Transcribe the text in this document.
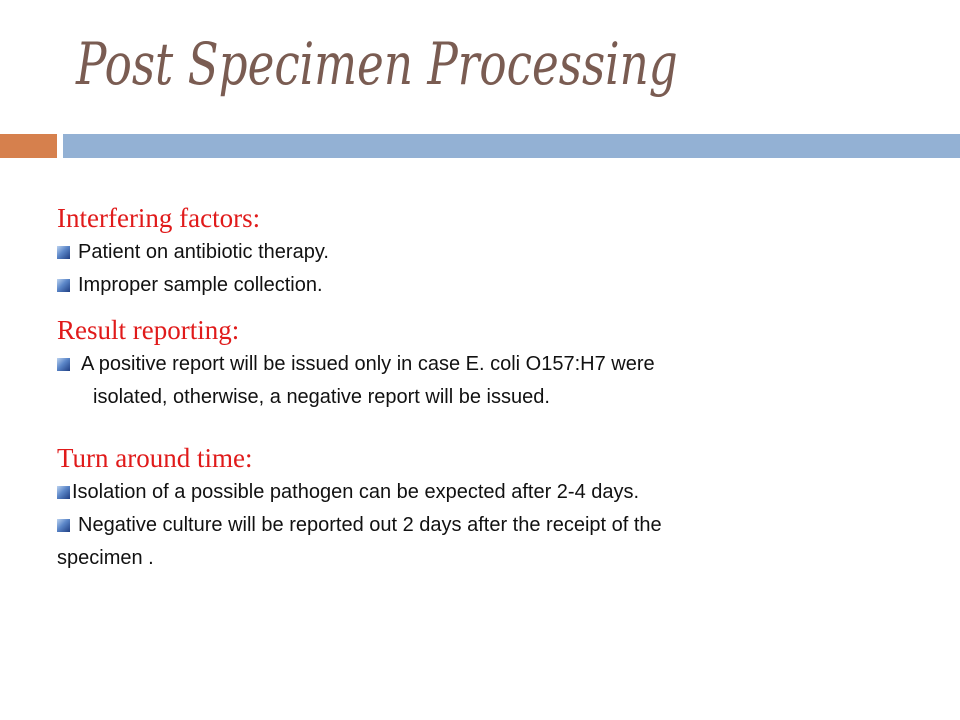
Post Specimen Processing
Interfering factors:
Patient on antibiotic therapy.
Improper sample collection.
Result reporting:
A positive report will be issued only in case E. coli O157:H7 were
isolated, otherwise, a negative report will be issued.
Turn around time:
Isolation of a possible pathogen can be expected after 2-4 days.
Negative culture will be reported out 2 days after the receipt of the
specimen .
